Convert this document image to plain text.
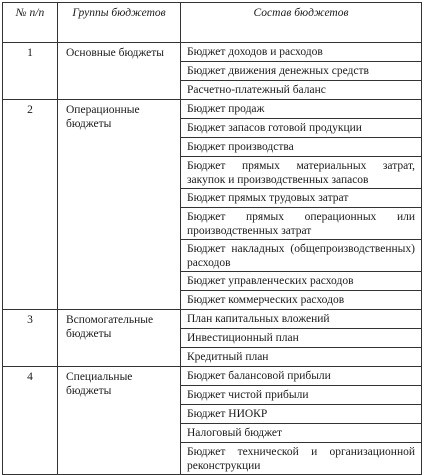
№ п/п	Группы бюджетов	Состав бюджетов
1	Основные бюджеты	Бюджет доходов и расходов
		Бюджет движения денежных средств
		Расчетно-платежный баланс
2	Операционные бюджеты	Бюджет продаж
		Бюджет запасов готовой продукции
		Бюджет производства
		Бюджет прямых материальных затрат, закупок и производственных запасов
		Бюджет прямых трудовых затрат
		Бюджет прямых операционных или производственных затрат
		Бюджет накладных (общепроизводственных) расходов
		Бюджет управленческих расходов
		Бюджет коммерческих расходов
3	Вспомогательные бюджеты	План капитальных вложений
		Инвестиционный план
		Кредитный план
4	Специальные бюджеты	Бюджет балансовой прибыли
		Бюджет чистой прибыли
		Бюджет НИОКР
		Налоговый бюджет
		Бюджет технической и организационной реконструкции
